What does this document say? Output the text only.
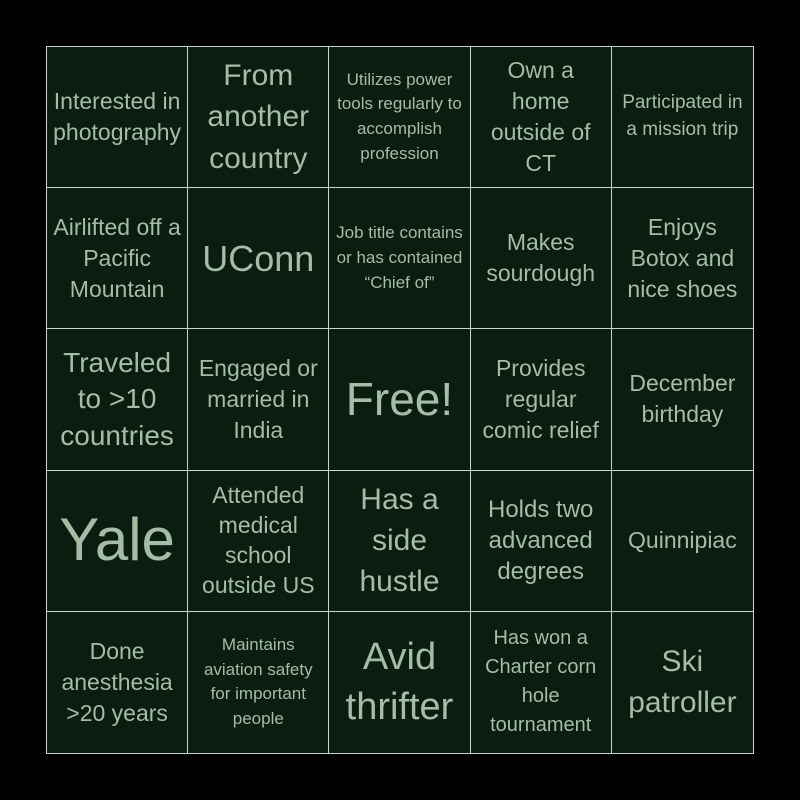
Interested in photography
From another country
Utilizes power tools regularly to accomplish profession
Own a home outside of CT
Participated in a mission trip
Airlifted off a Pacific Mountain
UConn
Job title contains or has contained “Chief of”
Makes sourdough
Enjoys Botox and nice shoes
Traveled to >10 countries
Engaged or married in India
Free!
Provides regular comic relief
December birthday
Yale
Attended medical school outside US
Has a side hustle
Holds two advanced degrees
Quinnipiac
Done anesthesia >20 years
Maintains aviation safety for important people
Avid thrifter
Has won a Charter corn hole tournament
Ski patroller
